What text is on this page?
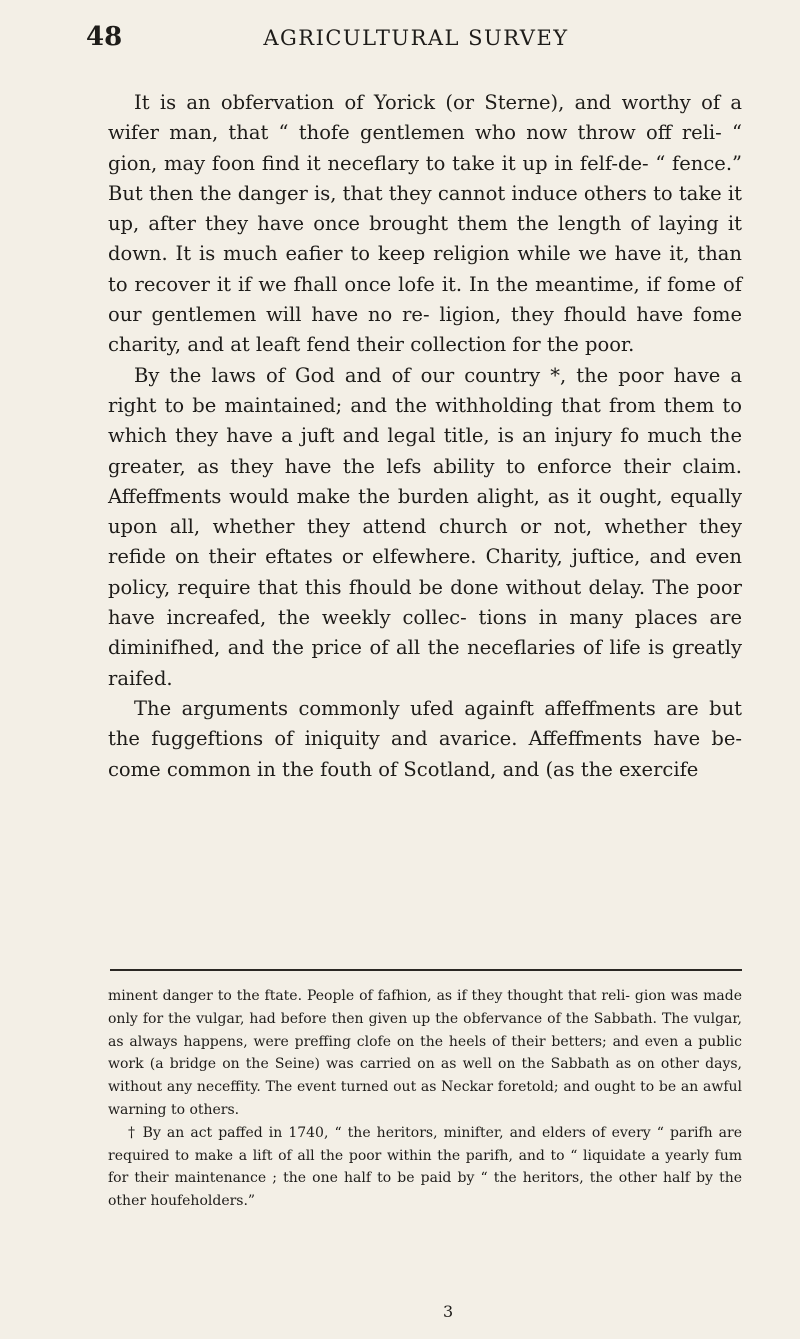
48	AGRICULTURAL SURVEY

It is an obfervation of Yorick (or Sterne), and worthy of a wifer man, that “ thofe gentlemen who now throw off reli- “ gion, may foon find it neceflary to take it up in felf-de- “ fence.” But then the danger is, that they cannot induce others to take it up, after they have once brought them the length of laying it down. It is much eafier to keep religion while we have it, than to recover it if we fhall once lofe it. In the meantime, if fome of our gentlemen will have no re- ligion, they fhould have fome charity, and at leaft fend their collection for the poor.

By the laws of God and of our country *, the poor have a right to be maintained; and the withholding that from them to which they have a juft and legal title, is an injury fo much the greater, as they have the lefs ability to enforce their claim. Affeffments would make the burden alight, as it ought, equally upon all, whether they attend church or not, whether they refide on their eftates or elfewhere. Charity, juftice, and even policy, require that this fhould be done without delay. The poor have increafed, the weekly collec- tions in many places are diminifhed, and the price of all the neceflaries of life is greatly raifed.

The arguments commonly ufed againft affeffments are but the fuggeftions of iniquity and avarice. Affeffments have be- come common in the fouth of Scotland, and (as the exercife

minent danger to the ftate. People of fafhion, as if they thought that reli- gion was made only for the vulgar, had before then given up the obfervance of the Sabbath. The vulgar, as always happens, were preffing clofe on the heels of their betters; and even a public work (a bridge on the Seine) was carried on as well on the Sabbath as on other days, without any neceffity. The event turned out as Neckar foretold; and ought to be an awful warning to others.

† By an act paffed in 1740, “ the heritors, minifter, and elders of every “ parifh are required to make a lift of all the poor within the parifh, and to “ liquidate a yearly fum for their maintenance ; the one half to be paid by “ the heritors, the other half by the other houfeholders.”

3
